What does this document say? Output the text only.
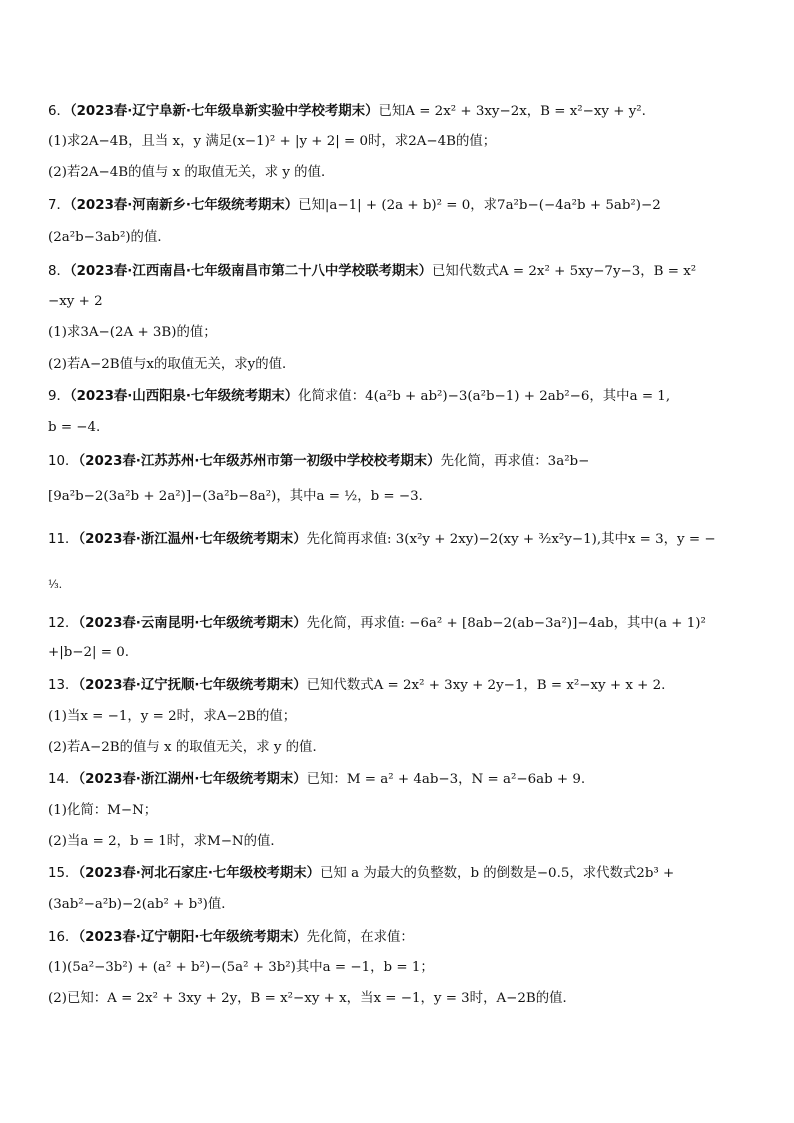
6．（2023春·辽宁阜新·七年级阜新实验中学校考期末）已知A = 2x² + 3xy−2x，B = x²−xy + y².
(1)求2A−4B，且当 x，y 满足(x−1)² + |y + 2| = 0时，求2A−4B的值；
(2)若2A−4B的值与 x 的取值无关，求 y 的值．
7．（2023春·河南新乡·七年级统考期末）已知|a−1| + (2a + b)² = 0，求7a²b−(−4a²b + 5ab²)−2
(2a²b−3ab²)的值．
8．（2023春·江西南昌·七年级南昌市第二十八中学校联考期末）已知代数式A = 2x² + 5xy−7y−3，B = x²
−xy + 2
(1)求3A−(2A + 3B)的值；
(2)若A−2B值与x的取值无关，求y的值．
9．（2023春·山西阳泉·七年级统考期末）化简求值：4(a²b + ab²)−3(a²b−1) + 2ab²−6，其中a = 1,
b = −4.
10．（2023春·江苏苏州·七年级苏州市第一初级中学校校考期末）先化简，再求值：3a²b−
[9a²b−2(3a²b + 2a²)]−(3a²b−8a²)，其中a = ½，b = −3．
11．（2023春·浙江温州·七年级统考期末）先化简再求值: 3(x²y + 2xy)−2(xy + ³⁄₂x²y−1),其中x = 3，y = −
⅓.
12．（2023春·云南昆明·七年级统考期末）先化简，再求值: −6a² + [8ab−2(ab−3a²)]−4ab，其中(a + 1)²
+|b−2| = 0.
13．（2023春·辽宁抚顺·七年级统考期末）已知代数式A = 2x² + 3xy + 2y−1，B = x²−xy + x + 2.
(1)当x = −1，y = 2时，求A−2B的值；
(2)若A−2B的值与 x 的取值无关，求 y 的值．
14．（2023春·浙江湖州·七年级统考期末）已知：M = a² + 4ab−3，N = a²−6ab + 9.
(1)化简：M−N；
(2)当a = 2，b = 1时，求M−N的值．
15．（2023春·河北石家庄·七年级校考期末）已知 a 为最大的负整数，b 的倒数是−0.5，求代数式2b³ +
(3ab²−a²b)−2(ab² + b³)值．
16．（2023春·辽宁朝阳·七年级统考期末）先化简，在求值：
(1)(5a²−3b²) + (a² + b²)−(5a² + 3b²)其中a = −1，b = 1；
(2)已知：A = 2x² + 3xy + 2y，B = x²−xy + x，当x = −1，y = 3时，A−2B的值．
